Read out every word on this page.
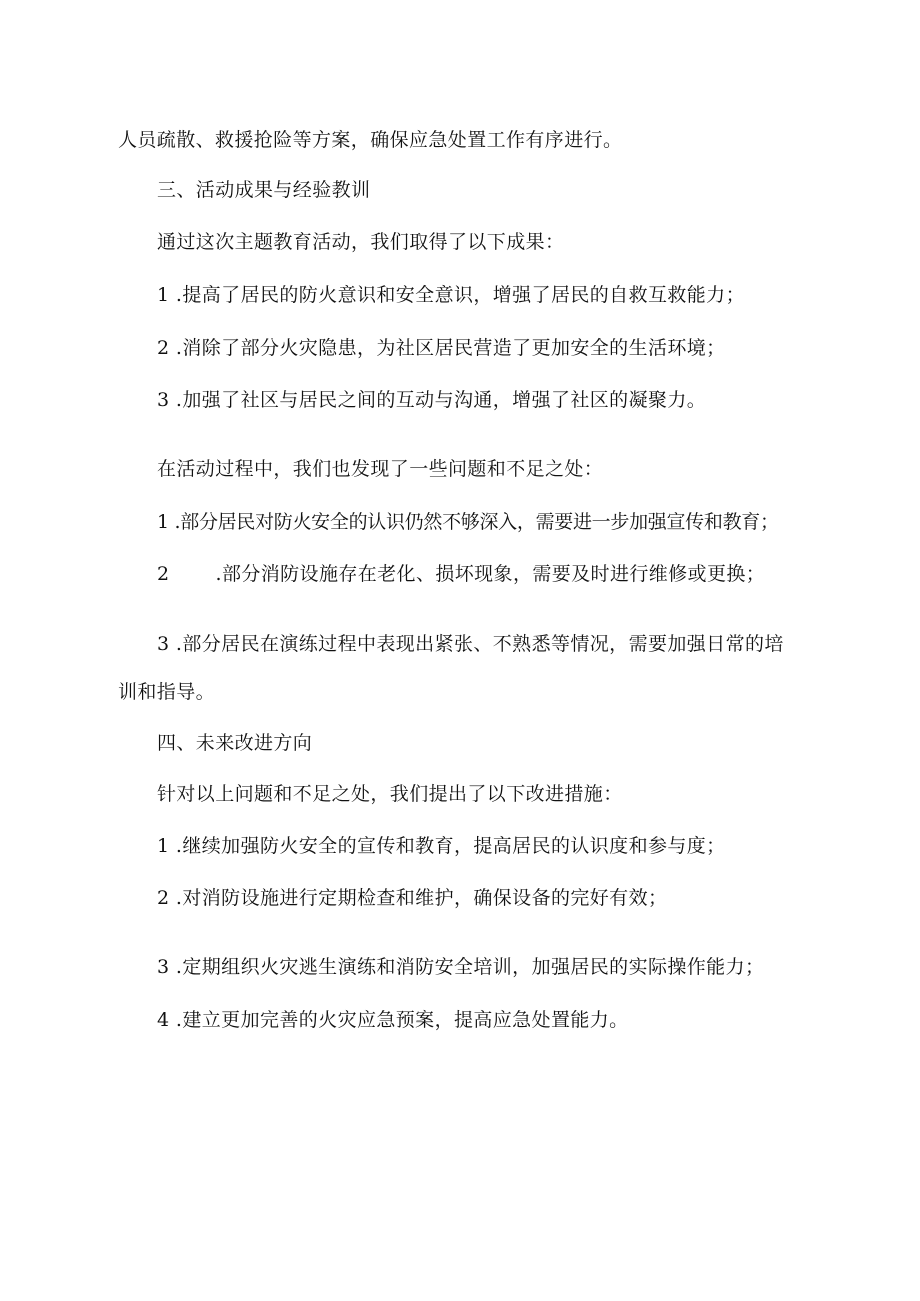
人员疏散、救援抢险等方案，确保应急处置工作有序进行。
三、活动成果与经验教训
通过这次主题教育活动，我们取得了以下成果：
1 .提高了居民的防火意识和安全意识，增强了居民的自救互救能力；
2 .消除了部分火灾隐患，为社区居民营造了更加安全的生活环境；
3 .加强了社区与居民之间的互动与沟通，增强了社区的凝聚力。
在活动过程中，我们也发现了一些问题和不足之处：
1 .部分居民对防火安全的认识仍然不够深入，需要进一步加强宣传和教育；
2 .部分消防设施存在老化、损坏现象，需要及时进行维修或更换；
3 .部分居民在演练过程中表现出紧张、不熟悉等情况，需要加强日常的培
训和指导。
四、未来改进方向
针对以上问题和不足之处，我们提出了以下改进措施：
1 .继续加强防火安全的宣传和教育，提高居民的认识度和参与度；
2 .对消防设施进行定期检查和维护，确保设备的完好有效；
3 .定期组织火灾逃生演练和消防安全培训，加强居民的实际操作能力；
4 .建立更加完善的火灾应急预案，提高应急处置能力。
